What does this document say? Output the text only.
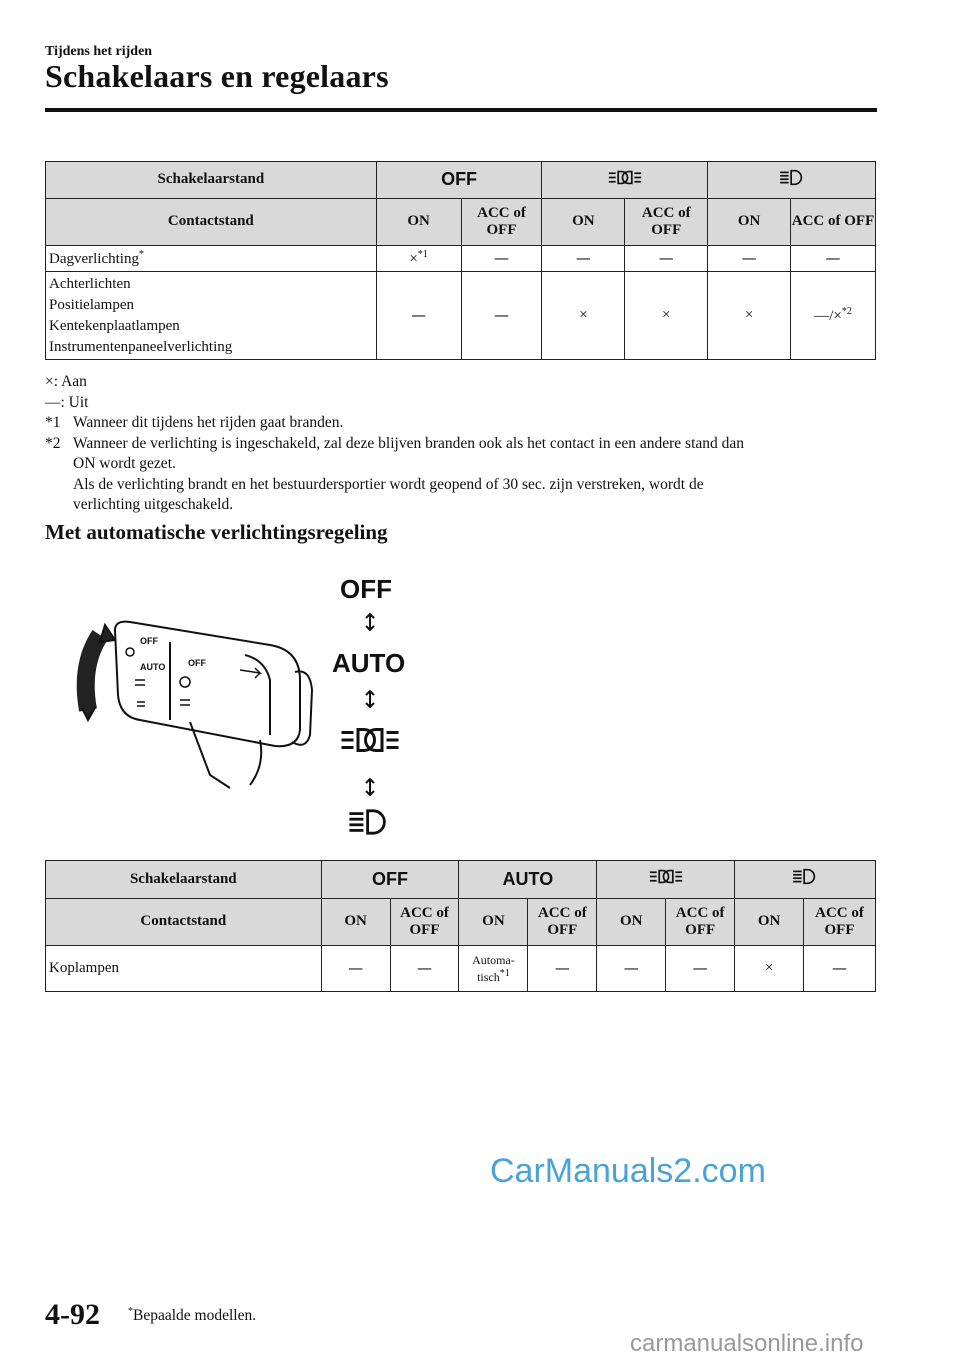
Tijdens het rijden
Schakelaars en regelaars
Schakelaarstand	OFF		
Contactstand	ON	ACC of OFF	ON	ACC of OFF	ON	ACC of OFF
Dagverlichting*	×$^{*1}$	—	—	—	—	—

Achterlichten
Positielampen
Kentekenplaatlampen
Instrumentenpaneelverlichting	—	—	×	×	×	—/×$^{*2}$
×: Aan
—: Uit
*1 Wanneer dit tijdens het rijden gaat branden.
*2 Wanneer de verlichting is ingeschakeld, zal deze blijven branden ook als het contact in een andere stand dan
ON wordt gezet.
Als de verlichting brandt en het bestuurdersportier wordt geopend of 30 sec. zijn verstreken, wordt de
verlichting uitgeschakeld.
Met automatische verlichtingsregeling
OFF
AUTO	OFF
OFF
AUTO
Schakelaarstand	OFF		AUTO		
Contactstand	ON	ACC of OFF	ON	ACC of OFF	ON	ACC of OFF	ON	ACC of OFF
Koplampen	—	—	Automa-
tisch$^{*1}$	—	—	—	×	—
CarManuals2.com
4-92	*Bepaalde modellen.
carmanualsonline.info
